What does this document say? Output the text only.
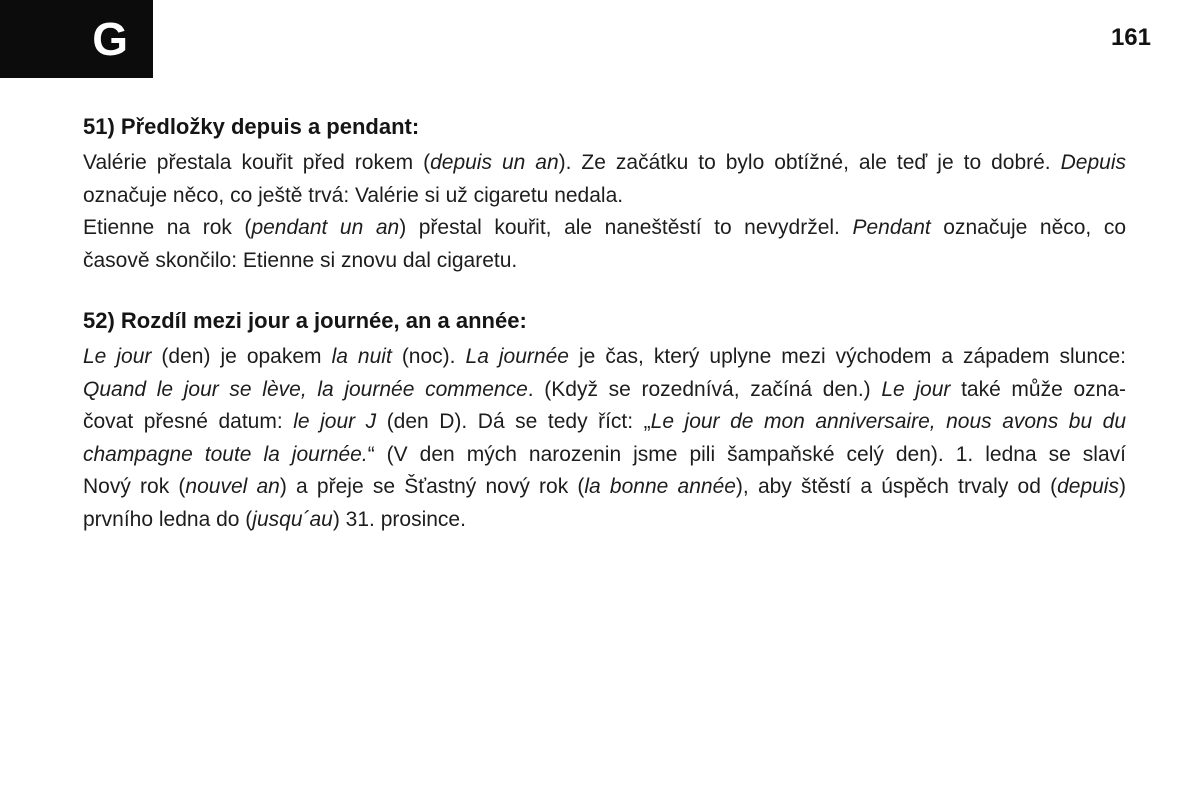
G	161
51) Předložky depuis a pendant:
Valérie přestala kouřit před rokem (depuis un an). Ze začátku to bylo obtížné, ale teď je to dobré. Depuis
označuje něco, co ještě trvá: Valérie si už cigaretu nedala.
Etienne na rok (pendant un an) přestal kouřit, ale naneštěstí to nevydržel. Pendant označuje něco, co
časově skončilo: Etienne si znovu dal cigaretu.
52) Rozdíl mezi jour a journée, an a année:
Le jour (den) je opakem la nuit (noc). La journée je čas, který uplyne mezi východem a západem slunce:
Quand le jour se lève, la journée commence. (Když se rozednívá, začíná den.) Le jour také může ozna-
čovat přesné datum: le jour J (den D). Dá se tedy říct: „Le jour de mon anniversaire, nous avons bu du
champagne toute la journée.“ (V den mých narozenin jsme pili šampaňské celý den). 1. ledna se slaví
Nový rok (nouvel an) a přeje se Šťastný nový rok (la bonne année), aby štěstí a úspěch trvaly od (depuis)
prvního ledna do (jusqu´au) 31. prosince.
